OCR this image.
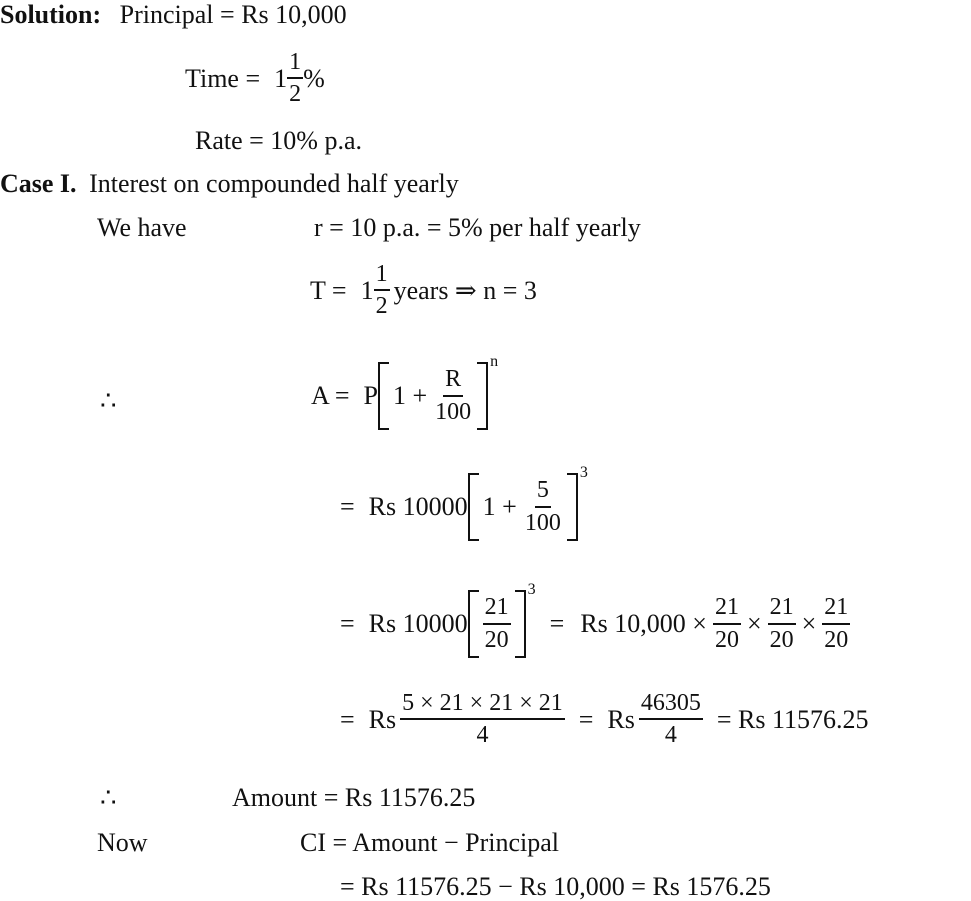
Solution: Principal = Rs 10,000
Time = $1 \frac{1}{2}$ %
Rate = 10% p.a.
Case I. Interest on compounded half yearly
We have	r = 10 p.a. = 5% per half yearly
$T = 1 \frac{1}{2}$ years ⇒ n = 3
∴	A = P $1 + \frac{R}{100}$
n
= Rs 10000 $1 + \frac{5}{100}$
3
= Rs $10000 \frac{21}{20}$
3
= Rs $10,000 \times \frac{21}{20} \times \frac{21}{20} \times \frac{21}{20}$
= Rs $\frac{5 \times 21 \times 21 \times 21}{4} = Rs \frac{46305}{4} = Rs$ 11576.25
∴	Amount = Rs 11576.25
Now	CI = Amount − Principal
= Rs 11576.25 − Rs 10,000 = Rs 1576.25
